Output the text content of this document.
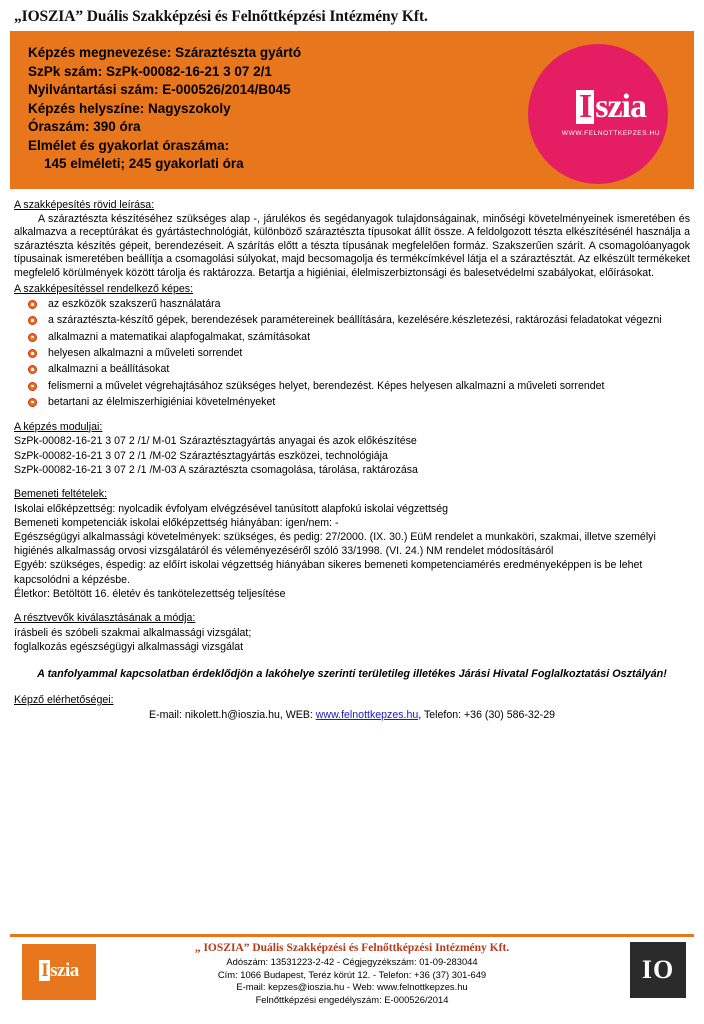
„IOSZIA” Duális Szakképzési és Felnőttképzési Intézmény Kft.
I szia
WWW.FELNOTTKEPZES.HU
Képzés megnevezése: Száraztészta gyártó
SzPk szám: SzPk-00082-16-21 3 07 2/1
Nyilvántartási szám: E-000526/2014/B045
Képzés helyszíne: Nagyszokoly
Óraszám: 390 óra
Elmélet és gyakorlat óraszáma:
145 elméleti; 245 gyakorlati óra
A szakképesítés rövid leírása:

A száraztészta készítéséhez szükséges alap -, járulékos és segédanyagok tulajdonságainak, minőségi követelményeinek ismeretében és alkalmazva a receptúrákat és gyártástechnológiát, különböző száraztészta típusokat állít össze. A feldolgozott tészta elkészítésénél használja a száraztészta készítés gépeit, berendezéseit. A szárítás előtt a tészta típusának megfelelően formáz. Szakszerűen szárít. A csomagolóanyagok típusainak ismeretében beállítja a csomagolási súlyokat, majd becsomagolja és termékcímkével látja el a száraztésztát. Az elkészült termékeket megfelelő körülmények között tárolja és raktározza. Betartja a higiéniai, élelmiszerbiztonsági és balesetvédelmi szabályokat, előírásokat.

A szakképesítéssel rendelkező képes:
az eszközök szakszerű használatára
a száraztészta-készítő gépek, berendezések paramétereinek beállítására, kezelésére.készletezési, raktározási feladatokat végezni
alkalmazni a matematikai alapfogalmakat, számításokat
helyesen alkalmazni a műveleti sorrendet
alkalmazni a beállításokat
felismerni a művelet végrehajtásához szükséges helyet, berendezést. Képes helyesen alkalmazni a műveleti sorrendet
betartani az élelmiszerhigiéniai követelményeket
A képzés moduljai:
SzPk-00082-16-21 3 07 2 /1/ M-01 Száraztésztagyártás anyagai és azok előkészítése
SzPk-00082-16-21 3 07 2 /1 /M-02 Száraztésztagyártás eszközei, technológiája
SzPk-00082-16-21 3 07 2 /1 /M-03 A száraztészta csomagolása, tárolása, raktározása
Bemeneti feltételek:
Iskolai előképzettség: nyolcadik évfolyam elvégzésével tanúsított alapfokú iskolai végzettség
Bemeneti kompetenciák iskolai előképzettség hiányában: igen/nem: -
Egészségügyi alkalmassági követelmények: szükséges, és pedig: 27/2000. (IX. 30.) EüM rendelet a munkaköri, szakmai, illetve személyi higiénés alkalmasság orvosi vizsgálatáról és véleményezéséről szóló 33/1998. (VI. 24.) NM rendelet módosításáról
Egyéb: szükséges, éspedig: az előírt iskolai végzettség hiányában sikeres bemeneti kompetenciamérés eredményeképpen is be lehet kapcsolódni a képzésbe.
Életkor: Betöltött 16. életév és tankötelezettség teljesítése
A résztvevők kiválasztásának a módja:
írásbeli és szóbeli szakmai alkalmassági vizsgálat;
foglalkozás egészségügyi alkalmassági vizsgálat
A tanfolyammal kapcsolatban érdeklődjön a lakóhelye szerinti területileg illetékes Járási Hivatal Foglalkoztatási Osztályán!
Képző elérhetőségei:
E-mail: nikolett.h@ioszia.hu, WEB: www.felnottkepzes.hu, Telefon: +36 (30) 586-32-29
I szia
„ IOSZIA” Duális Szakképzési és Felnőttképzési Intézmény Kft.
Adószám: 13531223-2-42 - Cégjegyzékszám: 01-09-283044
Cím: 1066 Budapest, Teréz körút 12. - Telefon: +36 (37) 301-649
E-mail: kepzes@ioszia.hu - Web: www.felnottkepzes.hu
Felnőttképzési engedélyszám: E-000526/2014
IO
